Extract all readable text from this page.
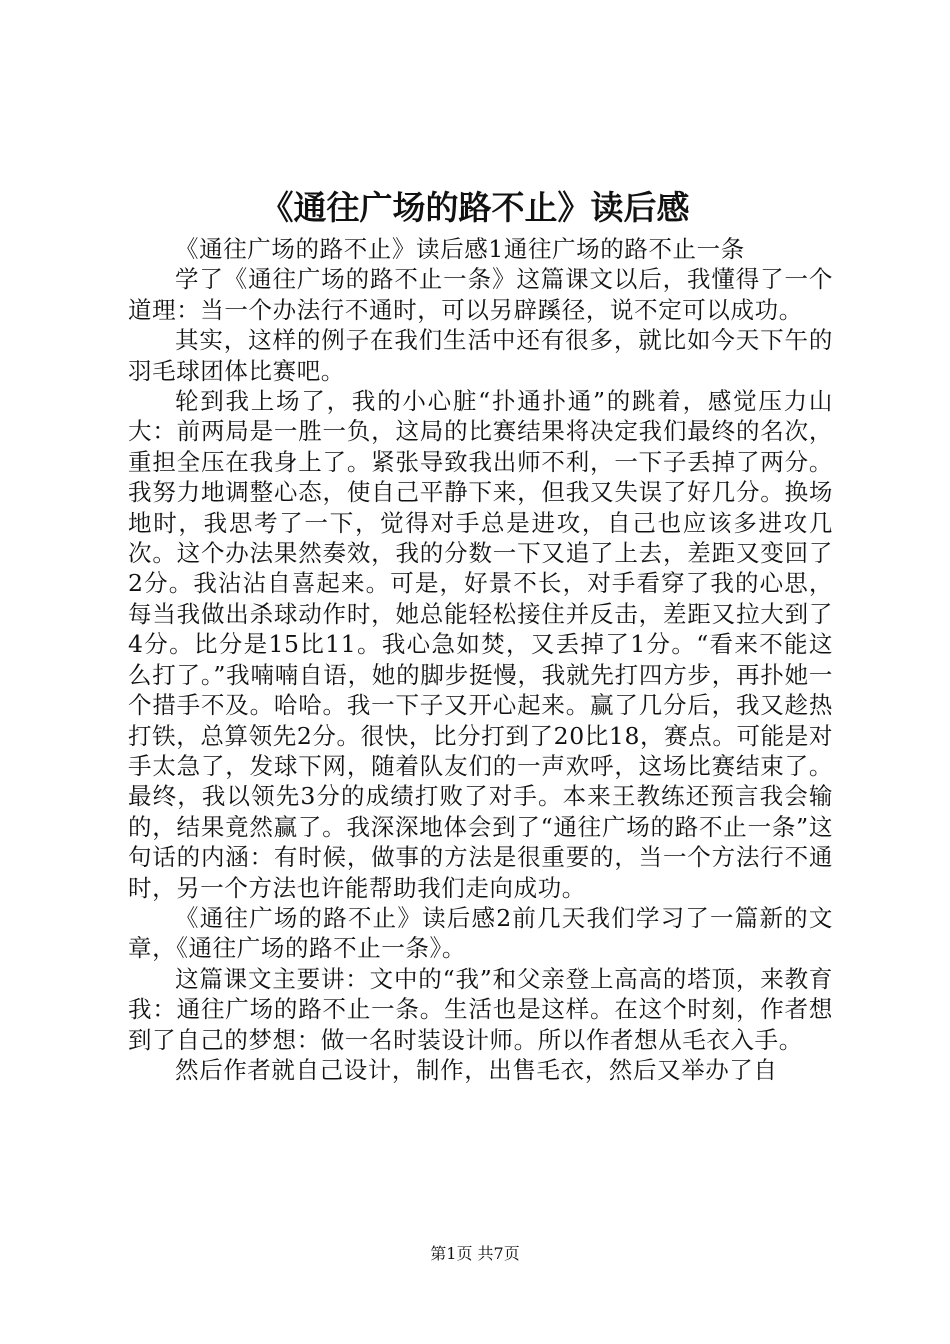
《通往广场的路不止》读后感

《通往广场的路不止》读后感1通往广场的路不止一条

学了《通往广场的路不止一条》这篇课文以后，我懂得了一个道理：当一个办法行不通时，可以另辟蹊径，说不定可以成功。

其实，这样的例子在我们生活中还有很多，就比如今天下午的羽毛球团体比赛吧。

轮到我上场了，我的小心脏“扑通扑通”的跳着，感觉压力山大：前两局是一胜一负，这局的比赛结果将决定我们最终的名次，重担全压在我身上了。紧张导致我出师不利，一下子丢掉了两分。我努力地调整心态，使自己平静下来，但我又失误了好几分。换场地时，我思考了一下，觉得对手总是进攻，自己也应该多进攻几次。这个办法果然奏效，我的分数一下又追了上去，差距又变回了2分。我沾沾自喜起来。可是，好景不长，对手看穿了我的心思，每当我做出杀球动作时，她总能轻松接住并反击，差距又拉大到了4分。比分是15比11。我心急如焚，又丢掉了1分。“看来不能这么打了。”我喃喃自语，她的脚步挺慢，我就先打四方步，再扑她一个措手不及。哈哈。我一下子又开心起来。赢了几分后，我又趁热打铁，总算领先2分。很快，比分打到了20比18，赛点。可能是对手太急了，发球下网，随着队友们的一声欢呼，这场比赛结束了。最终，我以领先3分的成绩打败了对手。本来王教练还预言我会输的，结果竟然赢了。我深深地体会到了“通往广场的路不止一条”这句话的内涵：有时候，做事的方法是很重要的，当一个方法行不通时，另一个方法也许能帮助我们走向成功。

《通往广场的路不止》读后感2前几天我们学习了一篇新的文章，《通往广场的路不止一条》。

这篇课文主要讲：文中的“我”和父亲登上高高的塔顶，来教育我：通往广场的路不止一条。生活也是这样。在这个时刻，作者想到了自己的梦想：做一名时装设计师。所以作者想从毛衣入手。

然后作者就自己设计，制作，出售毛衣，然后又举办了自

第1页 共7页
